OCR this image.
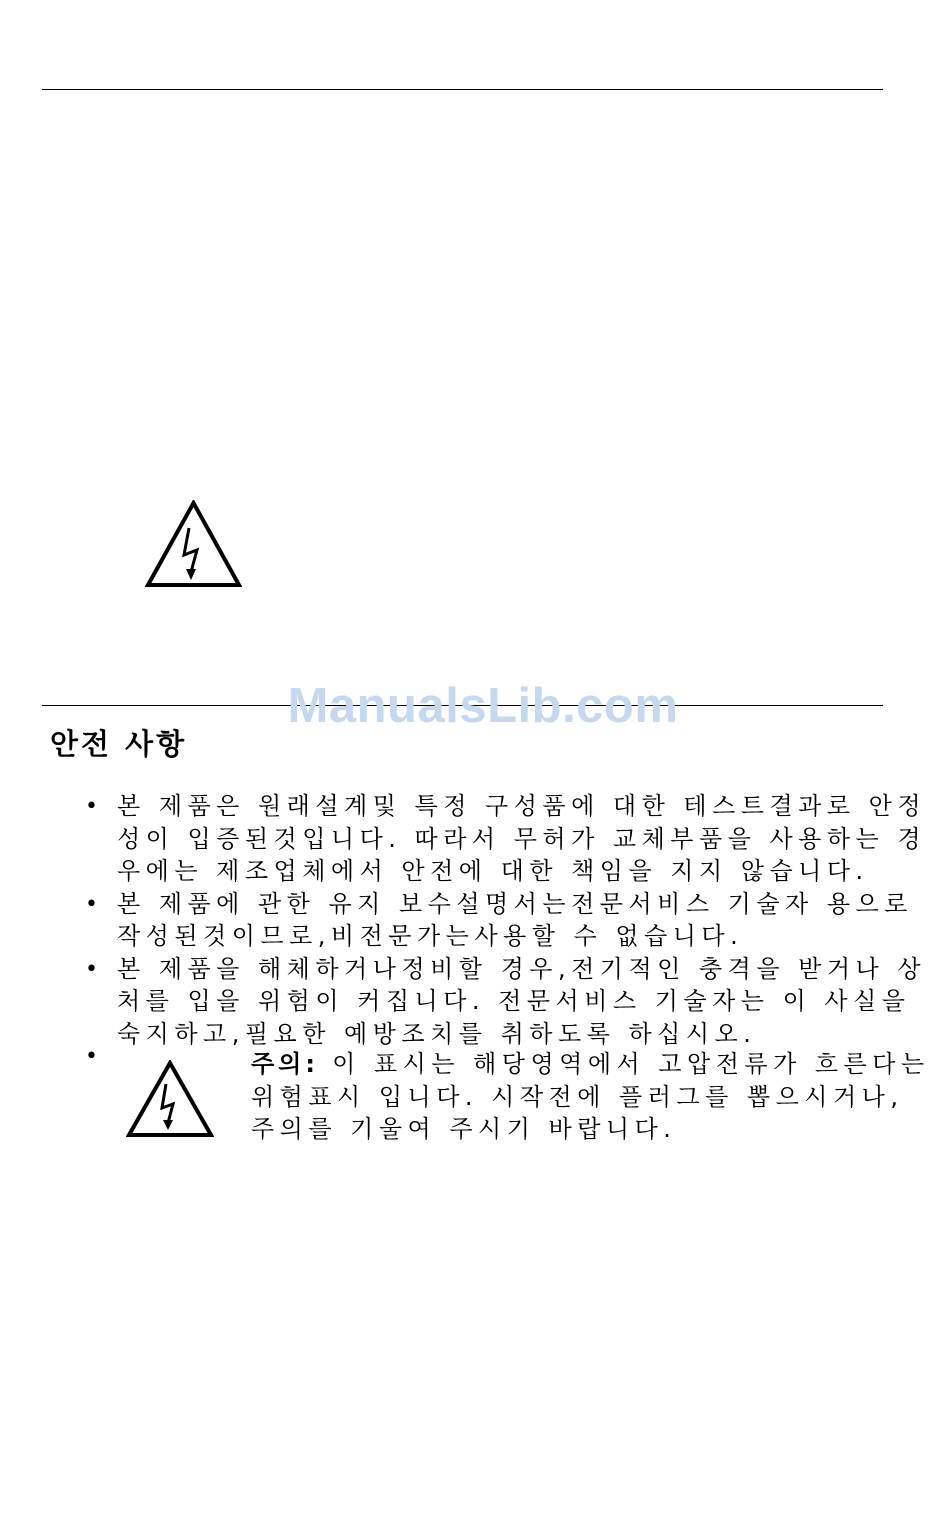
ManualsLib.com
안전 사항
• 본 제품은 원래설계및 특정 구성품에 대한 테스트결과로 안정
성이 입증된것입니다. 따라서 무허가 교체부품을 사용하는 경
우에는 제조업체에서 안전에 대한 책임을 지지 않습니다.
• 본 제품에 관한 유지 보수설명서는전문서비스 기술자 용으로
작성된것이므로,비전문가는사용할 수 없습니다.
• 본 제품을 해체하거나정비할 경우,전기적인 충격을 받거나 상
처를 입을 위험이 커집니다. 전문서비스 기술자는 이 사실을
숙지하고,필요한 예방조치를 취하도록 하십시오.
•	주의: 이 표시는 해당영역에서 고압전류가 흐른다는
위험표시 입니다. 시작전에 플러그를 뽑으시거나,
주의를 기울여 주시기 바랍니다.
